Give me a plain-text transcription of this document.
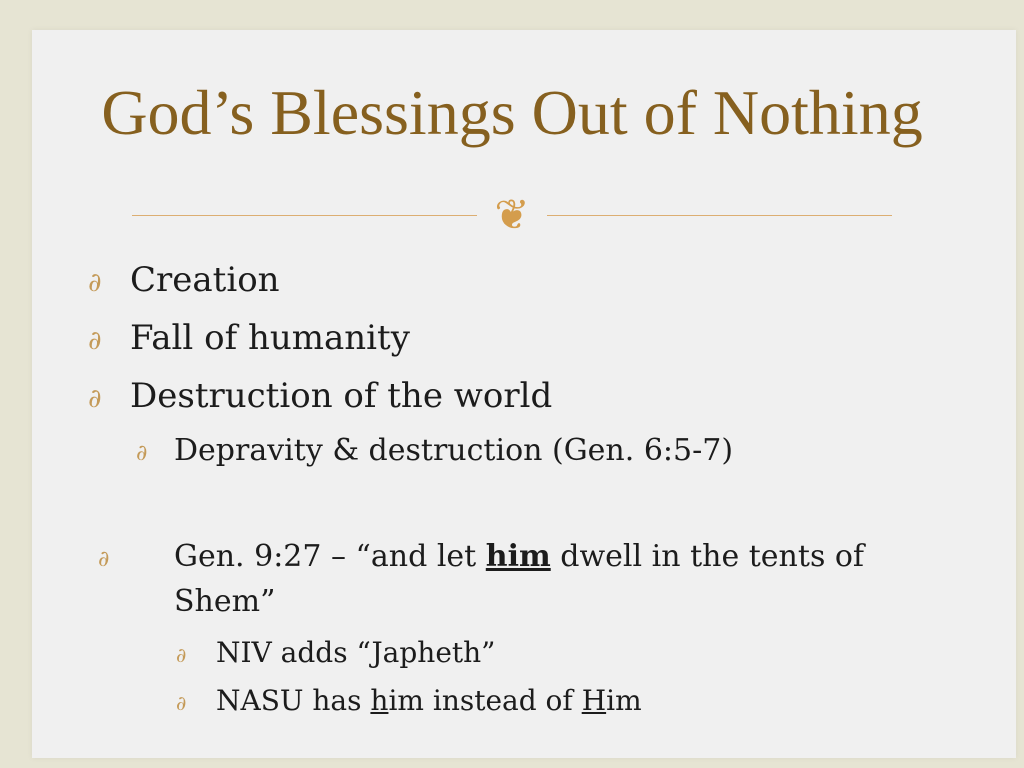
God’s Blessings Out of Nothing
❦
∂ Creation
∂ Fall of humanity
∂ Destruction of the world
∂ Depravity & destruction (Gen. 6:5-7)
∂ Gen. 9:27 – “and let him dwell in the tents of Shem”
∂ NIV adds “Japheth”
∂ NASU has him instead of Him
